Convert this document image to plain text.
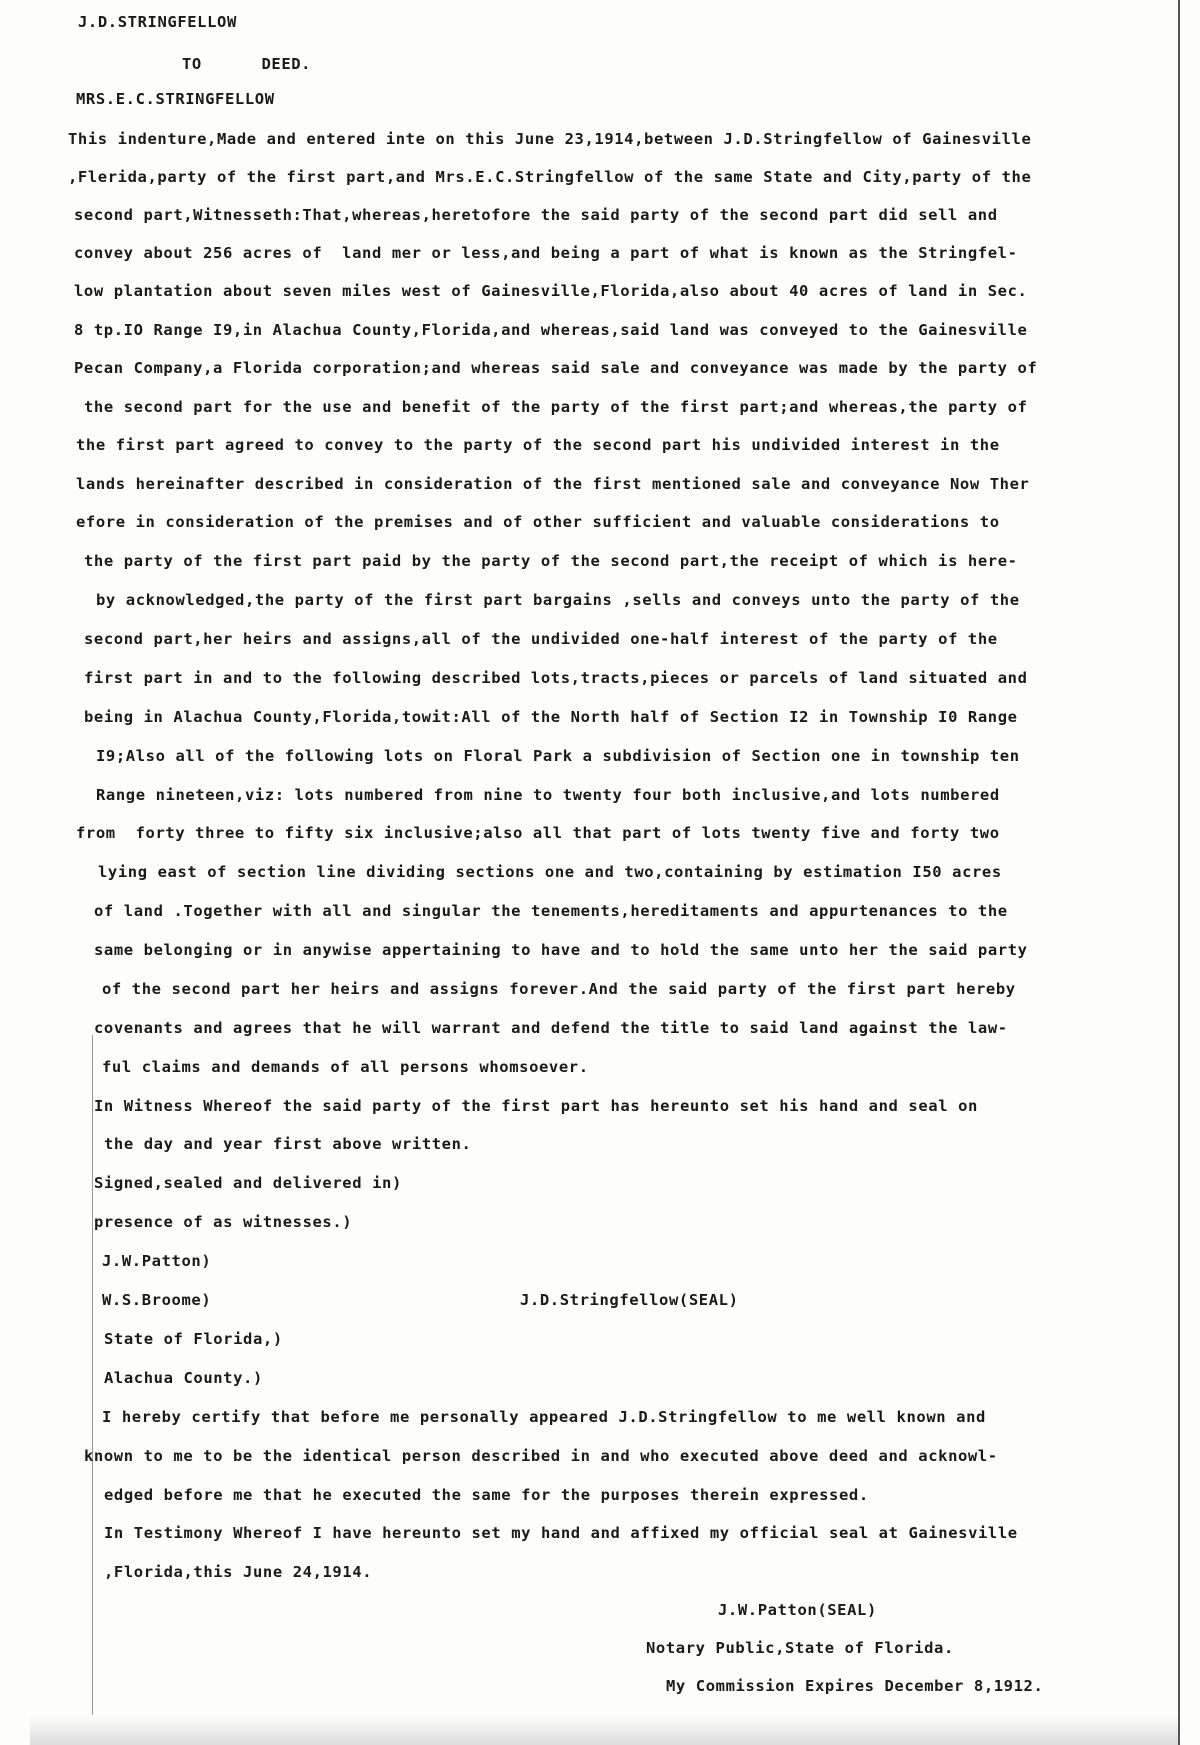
J.D.STRINGFELLOW
TO      DEED.
MRS.E.C.STRINGFELLOW
This indenture,Made and entered inte on this June 23,1914,between J.D.Stringfellow of Gainesville
,Flerida,party of the first part,and Mrs.E.C.Stringfellow of the same State and City,party of the
second part,Witnesseth:That,whereas,heretofore the said party of the second part did sell and
convey about 256 acres of  land mer or less,and being a part of what is known as the Stringfel-
low plantation about seven miles west of Gainesville,Florida,also about 40 acres of land in Sec.
8 tp.IO Range I9,in Alachua County,Florida,and whereas,said land was conveyed to the Gainesville
Pecan Company,a Florida corporation;and whereas said sale and conveyance was made by the party of
the second part for the use and benefit of the party of the first part;and whereas,the party of
the first part agreed to convey to the party of the second part his undivided interest in the
lands hereinafter described in consideration of the first mentioned sale and conveyance Now Ther
efore in consideration of the premises and of other sufficient and valuable considerations to
the party of the first part paid by the party of the second part,the receipt of which is here-
by acknowledged,the party of the first part bargains ,sells and conveys unto the party of the
second part,her heirs and assigns,all of the undivided one-half interest of the party of the
first part in and to the following described lots,tracts,pieces or parcels of land situated and
being in Alachua County,Florida,towit:All of the North half of Section I2 in Township I0 Range
I9;Also all of the following lots on Floral Park a subdivision of Section one in township ten
Range nineteen,viz: lots numbered from nine to twenty four both inclusive,and lots numbered
from  forty three to fifty six inclusive;also all that part of lots twenty five and forty two
lying east of section line dividing sections one and two,containing by estimation I50 acres
of land .Together with all and singular the tenements,hereditaments and appurtenances to the
same belonging or in anywise appertaining to have and to hold the same unto her the said party
of the second part her heirs and assigns forever.And the said party of the first part hereby
covenants and agrees that he will warrant and defend the title to said land against the law-
ful claims and demands of all persons whomsoever.
In Witness Whereof the said party of the first part has hereunto set his hand and seal on
the day and year first above written.
Signed,sealed and delivered in)
presence of as witnesses.)
J.W.Patton)
W.S.Broome)	J.D.Stringfellow(SEAL)
State of Florida,)
Alachua County.)
I hereby certify that before me personally appeared J.D.Stringfellow to me well known and
known to me to be the identical person described in and who executed above deed and acknowl-
edged before me that he executed the same for the purposes therein expressed.
In Testimony Whereof I have hereunto set my hand and affixed my official seal at Gainesville
,Florida,this June 24,1914.
J.W.Patton(SEAL)
Notary Public,State of Florida.
My Commission Expires December 8,1912.
